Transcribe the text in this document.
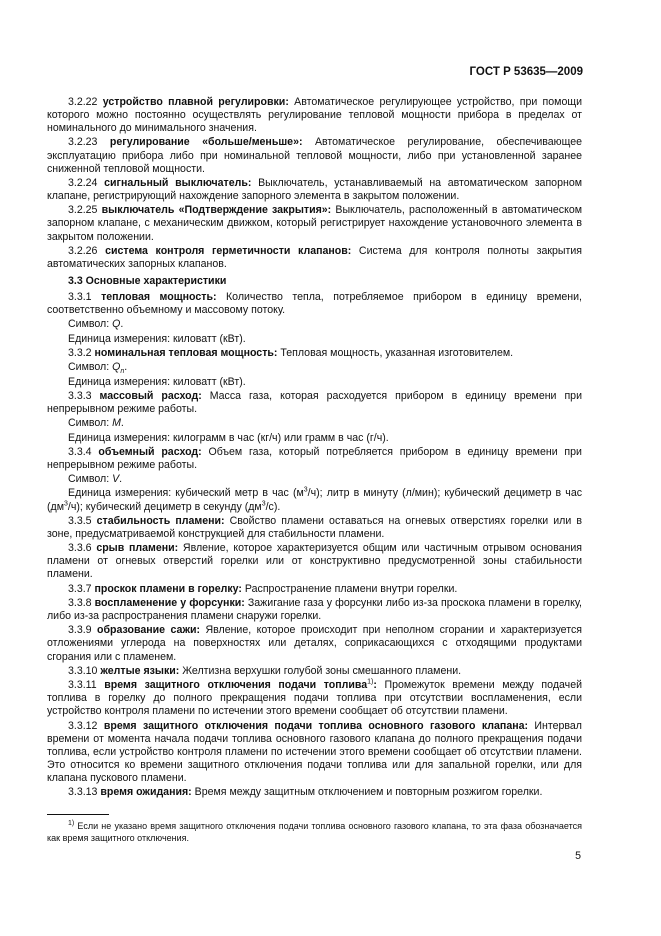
ГОСТ Р 53635—2009

3.2.22 устройство плавной регулировки: Автоматическое регулирующее устройство, при помощи которого можно постоянно осуществлять регулирование тепловой мощности прибора в пределах от номинального до минимального значения.

3.2.23 регулирование «больше/меньше»: Автоматическое регулирование, обеспечивающее эксплуатацию прибора либо при номинальной тепловой мощности, либо при установленной заранее сниженной тепловой мощности.

3.2.24 сигнальный выключатель: Выключатель, устанавливаемый на автоматическом запорном клапане, регистрирующий нахождение запорного элемента в закрытом положении.

3.2.25 выключатель «Подтверждение закрытия»: Выключатель, расположенный в автоматическом запорном клапане, с механическим движком, который регистрирует нахождение установочного элемента в закрытом положении.

3.2.26 система контроля герметичности клапанов: Система для контроля полноты закрытия автоматических запорных клапанов.

3.3 Основные характеристики

3.3.1 тепловая мощность: Количество тепла, потребляемое прибором в единицу времени, соответственно объемному и массовому потоку.

Символ: Q.

Единица измерения: киловатт (кВт).

3.3.2 номинальная тепловая мощность: Тепловая мощность, указанная изготовителем.

Символ: $Q_n$.

Единица измерения: киловатт (кВт).

3.3.3 массовый расход: Масса газа, которая расходуется прибором в единицу времени при непрерывном режиме работы.

Символ: M.

Единица измерения: килограмм в час (кг/ч) или грамм в час (г/ч).

3.3.4 объемный расход: Объем газа, который потребляется прибором в единицу времени при непрерывном режиме работы.

Символ: V.

Единица измерения: кубический метр в час $(м^3/ч)$; литр в минуту (л/мин); кубический дециметр в час $(дм^3/ч)$; кубический дециметр в секунду $(дм^3/с)$.

3.3.5 стабильность пламени: Свойство пламени оставаться на огневых отверстиях горелки или в зоне, предусматриваемой конструкцией для стабильности пламени.

3.3.6 срыв пламени: Явление, которое характеризуется общим или частичным отрывом основания пламени от огневых отверстий горелки или от конструктивно предусмотренной зоны стабильности пламени.

3.3.7 проскок пламени в горелку: Распространение пламени внутри горелки.

3.3.8 воспламенение у форсунки: Зажигание газа у форсунки либо из-за проскока пламени в горелку, либо из-за распространения пламени снаружи горелки.

3.3.9 образование сажи: Явление, которое происходит при неполном сгорании и характеризуется отложениями углерода на поверхностях или деталях, соприкасающихся с отходящими продуктами сгорания или с пламенем.

3.3.10 желтые языки: Желтизна верхушки голубой зоны смешанного пламени.

3.3.11 время защитного отключения подачи топлива$^{1)}$: Промежуток времени между подачей топлива в горелку до полного прекращения подачи топлива при отсутствии воспламенения, если устройство контроля пламени по истечении этого времени сообщает об отсутствии пламени.

3.3.12 время защитного отключения подачи топлива основного газового клапана: Интервал времени от момента начала подачи топлива основного газового клапана до полного прекращения подачи топлива, если устройство контроля пламени по истечении этого времени сообщает об отсутствии пламени. Это относится ко времени защитного отключения подачи топлива или для запальной горелки, или для клапана пускового пламени.

3.3.13 время ожидания: Время между защитным отключением и повторным розжигом горелки.

$^{1)}$ Если не указано время защитного отключения подачи топлива основного газового клапана, то эта фаза обозначается как время защитного отключения.
5
